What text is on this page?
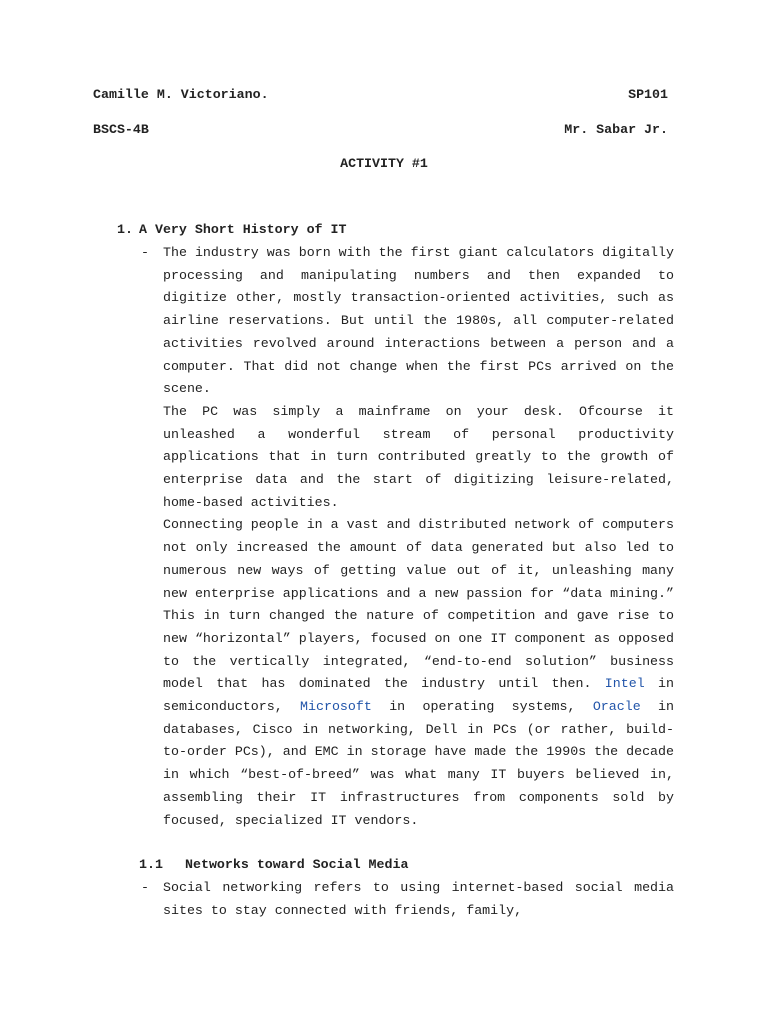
Camille M. Victoriano.	SP101
BSCS-4B	Mr. Sabar Jr.
ACTIVITY #1
1. A Very Short History of IT
- The industry was born with the first giant calculators digitally processing and manipulating numbers and then expanded to digitize other, mostly transaction-oriented activities, such as airline reservations. But until the 1980s, all computer-related activities revolved around interactions between a person and a computer. That did not change when the first PCs arrived on the scene.

The PC was simply a mainframe on your desk. Ofcourse it unleashed a wonderful stream of personal productivity applications that in turn contributed greatly to the growth of enterprise data and the start of digitizing leisure-related, home-based activities.

Connecting people in a vast and distributed network of computers not only increased the amount of data generated but also led to numerous new ways of getting value out of it, unleashing many new enterprise applications and a new passion for “data mining.” This in turn changed the nature of competition and gave rise to new “horizontal” players, focused on one IT component as opposed to the vertically integrated, “end-to-end solution” business model that has dominated the industry until then. Intel in semiconductors, Microsoft in operating systems, Oracle in databases, Cisco in networking, Dell in PCs (or rather, build-to-order PCs), and EMC in storage have made the 1990s the decade in which “best-of-breed” was what many IT buyers believed in, assembling their IT infrastructures from components sold by focused, specialized IT vendors.

1.1 Networks toward Social Media
- Social networking refers to using internet-based social media sites to stay connected with friends, family,
